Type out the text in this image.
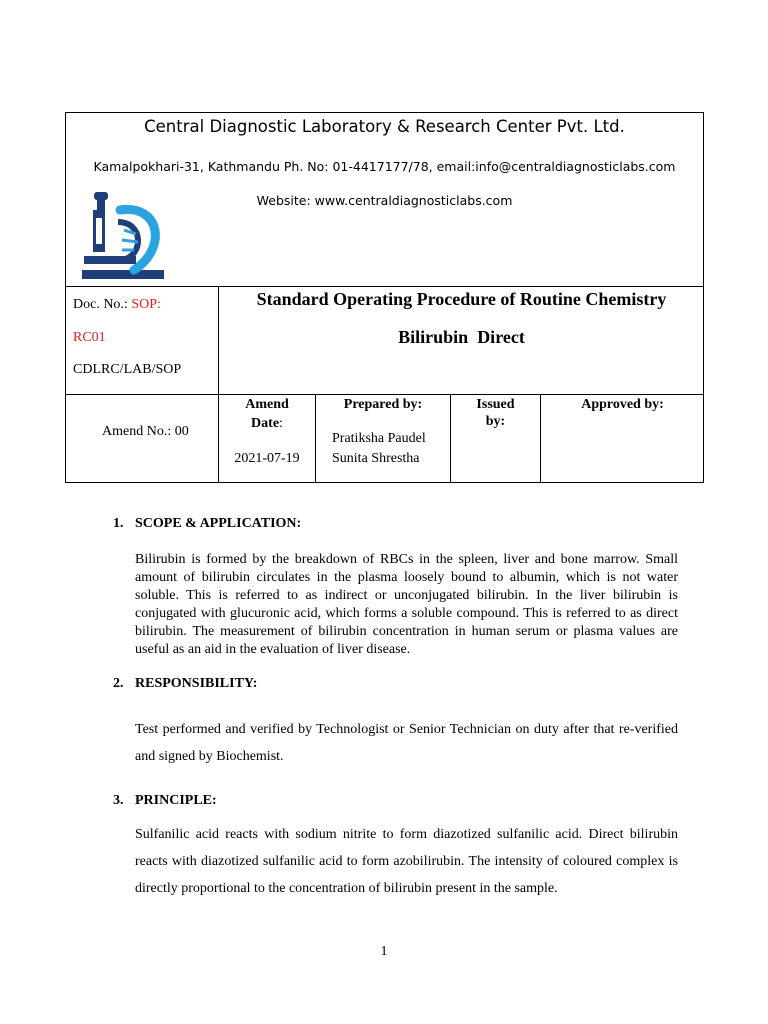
Central Diagnostic Laboratory & Research Center Pvt. Ltd.
Kamalpokhari-31, Kathmandu Ph. No: 01-4417177/78, email:info@centraldiagnosticlabs.com
Website: www.centraldiagnosticlabs.com
Doc. No.: SOP:
RC01
CDLRC/LAB/SOP
Standard Operating Procedure of Routine Chemistry
Bilirubin  Direct
Amend No.: 00
Amend
Date:
2021-07-19
Prepared by:
Pratiksha Paudel
Sunita Shrestha
Issued
by:
Approved by:
1. SCOPE & APPLICATION:
Bilirubin is formed by the breakdown of RBCs in the spleen, liver and bone marrow. Small amount of bilirubin circulates in the plasma loosely bound to albumin, which is not water soluble. This is referred to as indirect or unconjugated bilirubin. In the liver bilirubin is conjugated with glucuronic acid, which forms a soluble compound. This is referred to as direct bilirubin. The measurement of bilirubin concentration in human serum or plasma values are useful as an aid in the evaluation of liver disease.
2. RESPONSIBILITY:
Test performed and verified by Technologist or Senior Technician on duty after that re-verified and signed by Biochemist.
3. PRINCIPLE:
Sulfanilic acid reacts with sodium nitrite to form diazotized sulfanilic acid. Direct bilirubin reacts with diazotized sulfanilic acid to form azobilirubin. The intensity of coloured complex is directly proportional to the concentration of bilirubin present in the sample.
1
